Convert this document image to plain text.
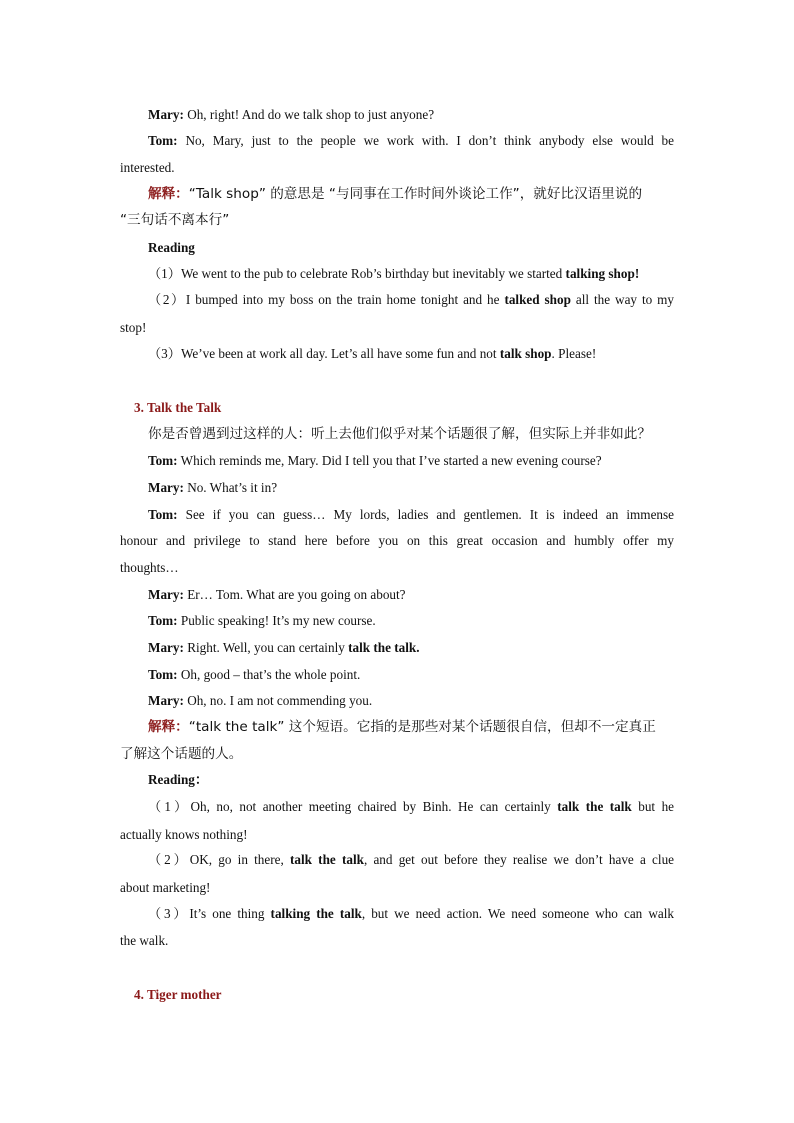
Mary: Oh, right! And do we talk shop to just anyone?
Tom: No, Mary, just to the people we work with. I don’t think anybody else would be
interested.
解释：“Talk shop” 的意思是 “与同事在工作时间外谈论工作”，就好比汉语里说的
“三句话不离本行”
Reading
（1）We went to the pub to celebrate Rob’s birthday but inevitably we started talking shop!
（2）I bumped into my boss on the train home tonight and he talked shop all the way to my
stop!
（3）We’ve been at work all day. Let’s all have some fun and not talk shop. Please!
3. Talk the Talk
你是否曾遇到过这样的人：听上去他们似乎对某个话题很了解，但实际上并非如此？
Tom: Which reminds me, Mary. Did I tell you that I’ve started a new evening course?
Mary: No. What’s it in?
Tom: See if you can guess… My lords, ladies and gentlemen. It is indeed an immense
honour and privilege to stand here before you on this great occasion and humbly offer my
thoughts…
Mary: Er… Tom. What are you going on about?
Tom: Public speaking! It’s my new course.
Mary: Right. Well, you can certainly talk the talk.
Tom: Oh, good – that’s the whole point.
Mary: Oh, no. I am not commending you.
解释：“talk the talk” 这个短语。它指的是那些对某个话题很自信，但却不一定真正
了解这个话题的人。
Reading：
（1）Oh, no, not another meeting chaired by Binh. He can certainly talk the talk but he
actually knows nothing!
（2）OK, go in there, talk the talk, and get out before they realise we don’t have a clue
about marketing!
（3）It’s one thing talking the talk, but we need action. We need someone who can walk
the walk.
4. Tiger mother
